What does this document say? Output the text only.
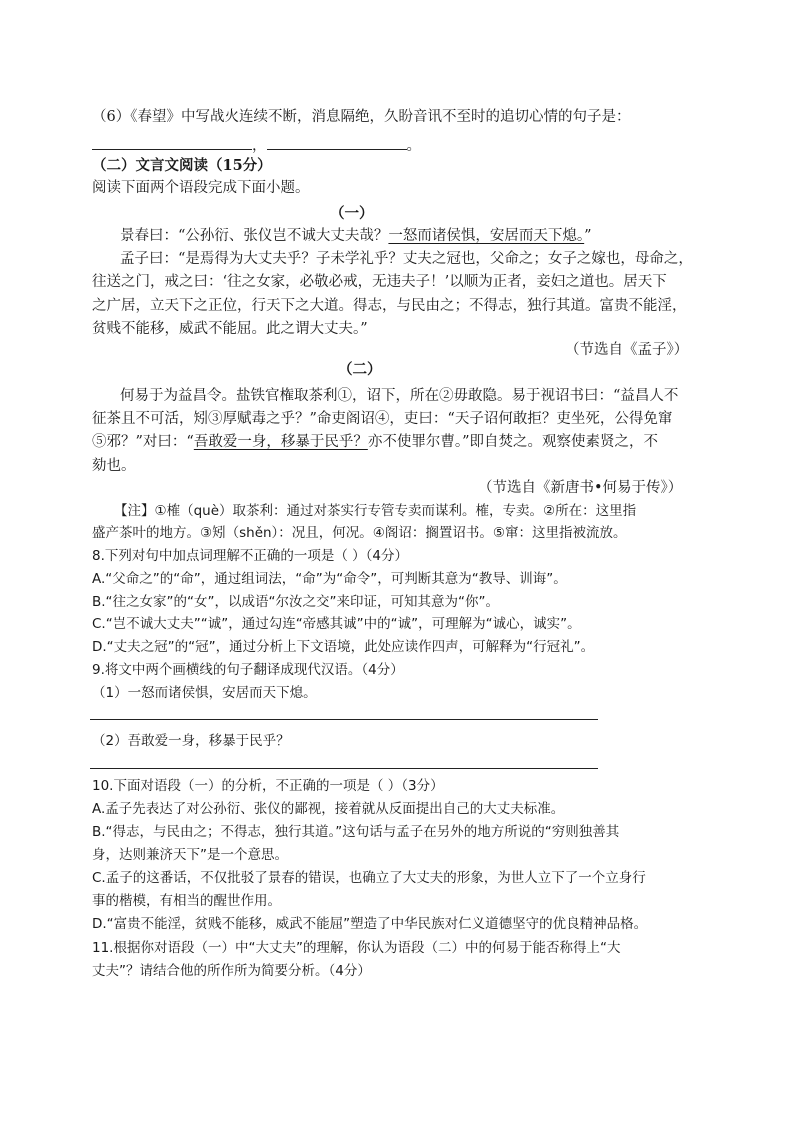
（6）《春望》中写战火连续不断，消息隔绝，久盼音讯不至时的追切心情的句子是：
，	。
（二）文言文阅读（15分）
阅读下面两个语段完成下面小题。
（一）
景春曰：“公孙衍、张仪岂不诚大丈夫哉？一怒而诸侯惧，安居而天下熄。”
孟子曰：“是焉得为大丈夫乎？子未学礼乎？丈夫之冠也，父命之；女子之嫁也，母命之，
往送之门，戒之曰：‘往之女家，必敬必戒，无违夫子！’以顺为正者，妾妇之道也。居天下
之广居，立天下之正位，行天下之大道。得志，与民由之；不得志，独行其道。富贵不能淫，
贫贱不能移，威武不能屈。此之谓大丈夫。”
（节选自《孟子》）
（二）
何易于为益昌令。盐铁官権取茶利①，诏下，所在②毋敢隐。易于视诏书曰：“益昌人不
征茶且不可活，矧③厚赋毒之乎？”命吏阁诏④，吏曰：“天子诏何敢拒？吏坐死，公得免窜
⑤邪？”对曰：“吾敢爱一身，移暴于民乎？亦不使罪尔曹。”即自焚之。观察使素贤之，不
劾也。
（节选自《新唐书•何易于传》）
【注】①榷（què）取茶利：通过对茶实行专管专卖而谋利。榷，专卖。②所在：这里指
盛产茶叶的地方。③矧（shěn）：况且，何况。④阁诏：搁置诏书。⑤窜：这里指被流放。
8.下列对句中加点词理解不正确的一项是（ ）（4分）
A.“父命之”的“命”，通过组词法，“命”为“命令”，可判断其意为“教导、训诲”。
B.“往之女家”的“女”，以成语“尔汝之交”来印证，可知其意为“你”。
C.“岂不诚大丈夫”“诚”，通过勾连“帝感其诚”中的“诚”，可理解为“诚心，诚实”。
D.“丈夫之冠”的“冠”，通过分析上下文语境，此处应读作四声，可解释为“行冠礼”。
9.将文中两个画横线的句子翻译成现代汉语。（4分）
（1）一怒而诸侯惧，安居而天下熄。
（2）吾敢爱一身，移暴于民乎？
10.下面对语段（一）的分析，不正确的一项是（ ）（3分）
A.孟子先表达了对公孙衍、张仪的鄙视，接着就从反面提出自己的大丈夫标准。
B.“得志，与民由之；不得志，独行其道。”这句话与孟子在另外的地方所说的“穷则独善其
身，达则兼济天下”是一个意思。
C.孟子的这番话，不仅批驳了景春的错误，也确立了大丈夫的形象，为世人立下了一个立身行
事的楷模，有相当的醒世作用。
D.“富贵不能淫，贫贱不能移，威武不能屈”塑造了中华民族对仁义道德坚守的优良精神品格。
11.根据你对语段（一）中“大丈夫”的理解，你认为语段（二）中的何易于能否称得上“大
丈夫”？请结合他的所作所为简要分析。（4分）
